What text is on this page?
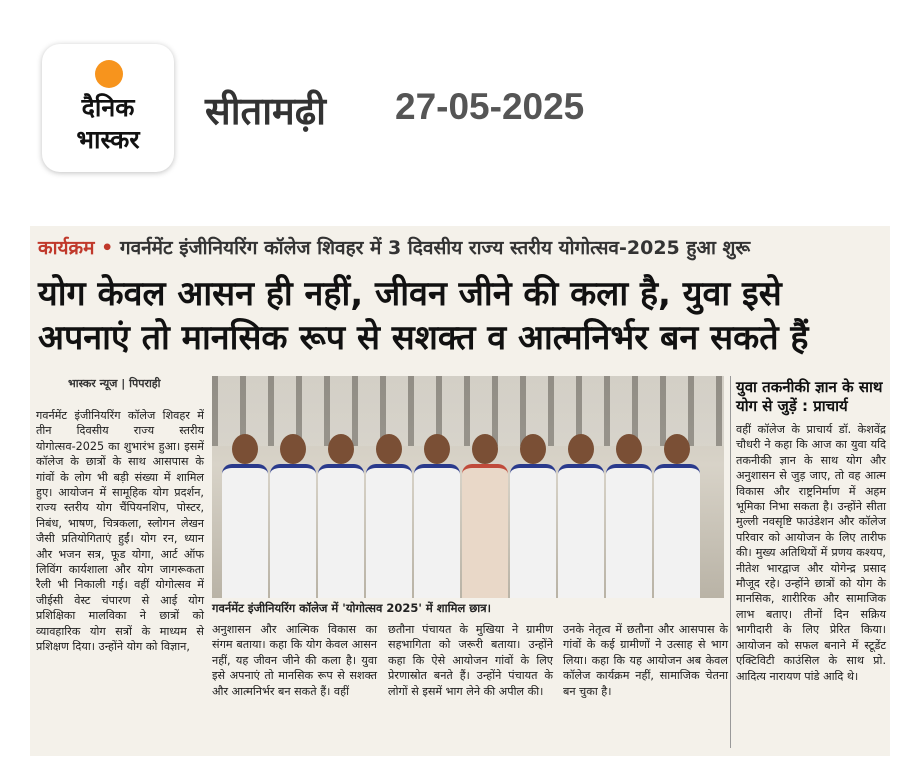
दैनिक
भास्कर
सीतामढ़ी 27-05-2025
कार्यक्रम • गवर्नमेंट इंजीनियरिंग कॉलेज शिवहर में 3 दिवसीय राज्य स्तरीय योगोत्सव-2025 हुआ शुरू
योग केवल आसन ही नहीं, जीवन जीने की कला है, युवा इसे अपनाएं तो मानसिक रूप से सशक्त व आत्मनिर्भर बन सकते हैं
भास्कर न्यूज | पिपराही
गवर्नमेंट इंजीनियरिंग कॉलेज शिवहर में तीन दिवसीय राज्य स्तरीय योगोत्सव-2025 का शुभारंभ हुआ। इसमें कॉलेज के छात्रों के साथ आसपास के गांवों के लोग भी बड़ी संख्या में शामिल हुए। आयोजन में सामूहिक योग प्रदर्शन, राज्य स्तरीय योग चैंपियनशिप, पोस्टर, निबंध, भाषण, चित्रकला, स्लोगन लेखन जैसी प्रतियोगिताएं हुईं। योग रन, ध्यान और भजन सत्र, फूड योगा, आर्ट ऑफ लिविंग कार्यशाला और योग जागरूकता रैली भी निकाली गई। वहीं योगोत्सव में जीईसी वेस्ट चंपारण से आई योग प्रशिक्षिका मालविका ने छात्रों को व्यावहारिक योग सत्रों के माध्यम से प्रशिक्षण दिया। उन्होंने योग को विज्ञान,
गवर्नमेंट इंजीनियरिंग कॉलेज में 'योगोत्सव 2025' में शामिल छात्र।
अनुशासन और आत्मिक विकास का संगम बताया। कहा कि योग केवल आसन नहीं, यह जीवन जीने की कला है। युवा इसे अपनाएं तो मानसिक रूप से सशक्त और आत्मनिर्भर बन सकते हैं। वहीं
छतौना पंचायत के मुखिया ने ग्रामीण सहभागिता को जरूरी बताया। उन्होंने कहा कि ऐसे आयोजन गांवों के लिए प्रेरणास्रोत बनते हैं। उन्होंने पंचायत के लोगों से इसमें भाग लेने की अपील की।
उनके नेतृत्व में छतौना और आसपास के गांवों के कई ग्रामीणों ने उत्साह से भाग लिया। कहा कि यह आयोजन अब केवल कॉलेज कार्यक्रम नहीं, सामाजिक चेतना बन चुका है।
युवा तकनीकी ज्ञान के साथ योग से जुड़ें : प्राचार्य
वहीं कॉलेज के प्राचार्य डॉ. केशवेंद्र चौधरी ने कहा कि आज का युवा यदि तकनीकी ज्ञान के साथ योग और अनुशासन से जुड़ जाए, तो वह आत्म विकास और राष्ट्रनिर्माण में अहम भूमिका निभा सकता है। उन्होंने सीता मुल्ली नवसृष्टि फाउंडेशन और कॉलेज परिवार को आयोजन के लिए तारीफ की। मुख्य अतिथियों में प्रणय कश्यप, नीतेश भारद्वाज और योगेन्द्र प्रसाद मौजूद रहे। उन्होंने छात्रों को योग के मानसिक, शारीरिक और सामाजिक लाभ बताए। तीनों दिन सक्रिय भागीदारी के लिए प्रेरित किया। आयोजन को सफल बनाने में स्टूडेंट एक्टिविटी काउंसिल के साथ प्रो. आदित्य नारायण पांडे आदि थे।
